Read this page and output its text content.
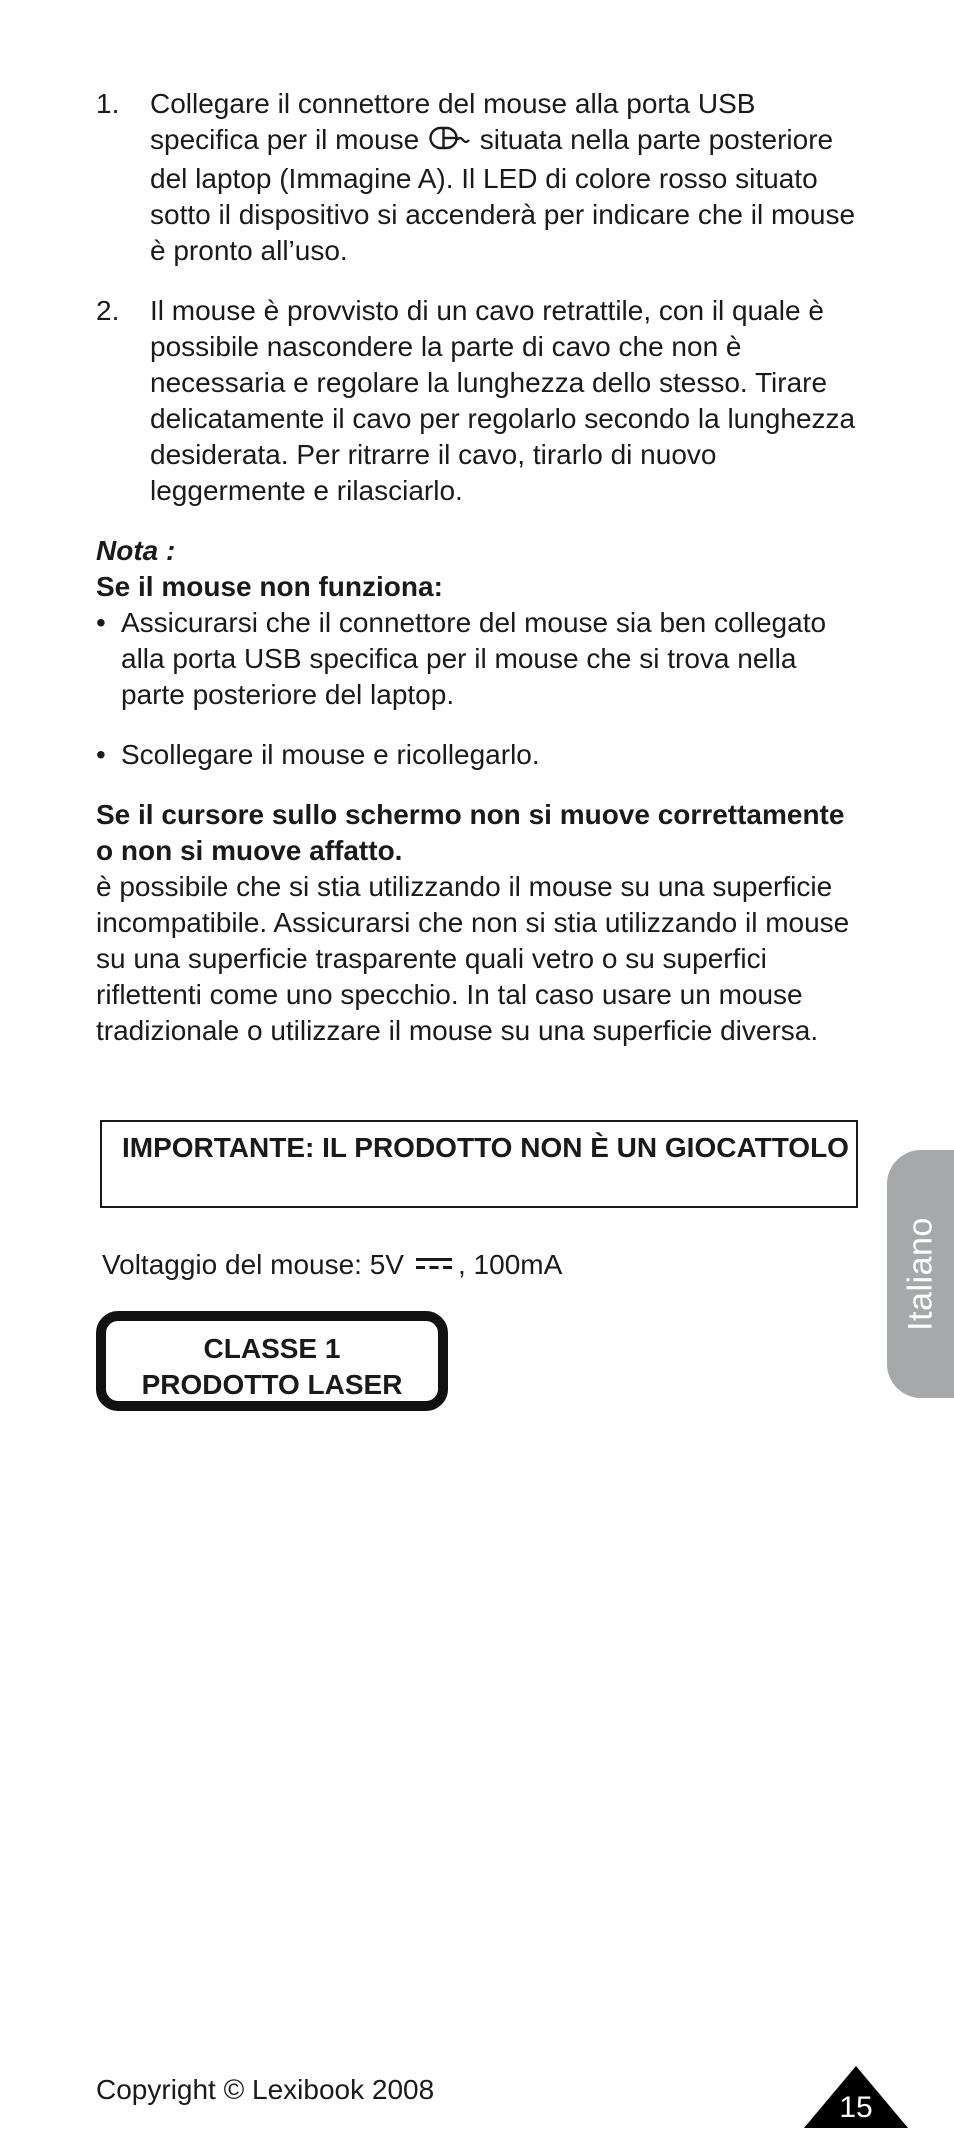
1. Collegare il connettore del mouse alla porta USB specifica per il mouse situata nella parte posteriore del laptop (Immagine A). Il LED di colore rosso situato sotto il dispositivo si accenderà per indicare che il mouse è pronto all’uso.
2. Il mouse è provvisto di un cavo retrattile, con il quale è possibile nascondere la parte di cavo che non è necessaria e regolare la lunghezza dello stesso. Tirare delicatamente il cavo per regolarlo secondo la lunghezza desiderata. Per ritrarre il cavo, tirarlo di nuovo leggermente e rilasciarlo.
Nota :
Se il mouse non funziona:
• Assicurarsi che il connettore del mouse sia ben collegato alla porta USB specifica per il mouse che si trova nella parte posteriore del laptop.
• Scollegare il mouse e ricollegarlo.
Se il cursore sullo schermo non si muove correttamente o non si muove affatto.
è possibile che si stia utilizzando il mouse su una superficie incompatibile. Assicurarsi che non si stia utilizzando il mouse su una superficie trasparente quali vetro o su superfici riflettenti come uno specchio. In tal caso usare un mouse tradizionale o utilizzare il mouse su una superficie diversa.
IMPORTANTE: IL PRODOTTO NON È UN GIOCATTOLO
Voltaggio del mouse: 5V , 100mA
CLASSE 1
PRODOTTO LASER
Italiano
Copyright © Lexibook 2008
15
